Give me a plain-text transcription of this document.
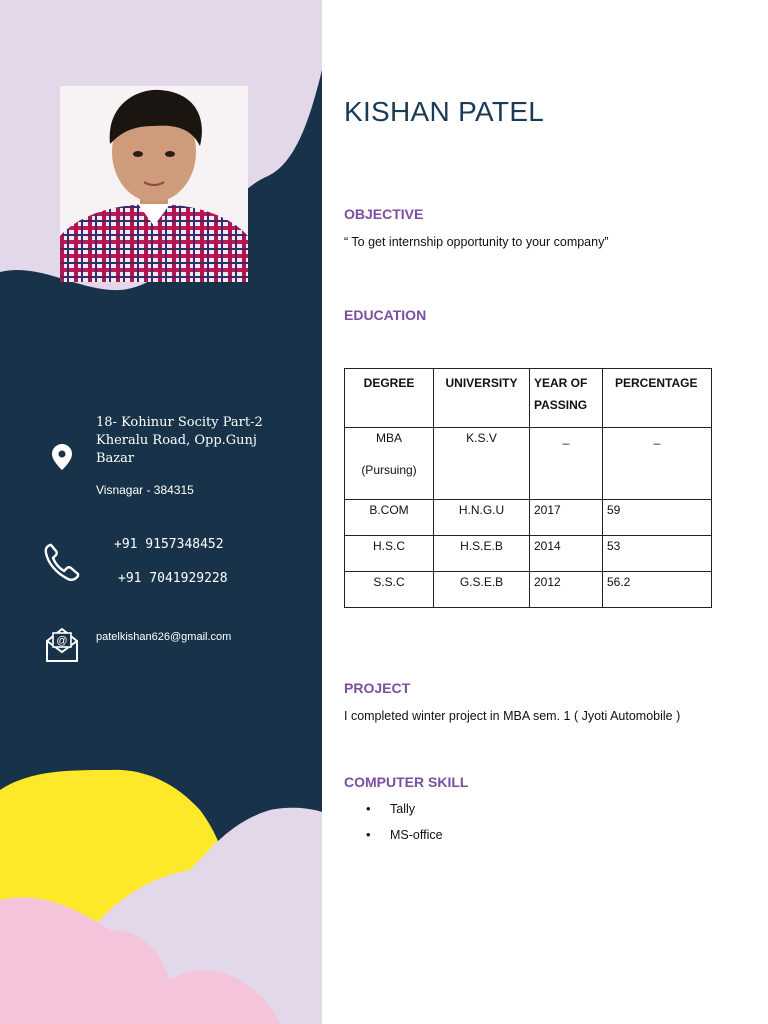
18- Kohinur Socity Part-2 Kheralu Road, Opp.Gunj Bazar
Visnagar - 384315
+91 9157348452
+91 7041929228
@	patelkishan626@gmail.com
KISHAN PATEL
OBJECTIVE
“ To get internship opportunity to your company”
EDUCATION
DEGREE	UNIVERSITY	YEAR OF PASSING	PERCENTAGE

MBA
(Pursuing)	K.S.V	_	_
B.COM	H.N.G.U	2017	59
H.S.C	H.S.E.B	2014	53
S.S.C	G.S.E.B	2012	56.2
PROJECT
I completed winter project in MBA sem. 1 ( Jyoti Automobile )
COMPUTER SKILL
• Tally
• MS-office
